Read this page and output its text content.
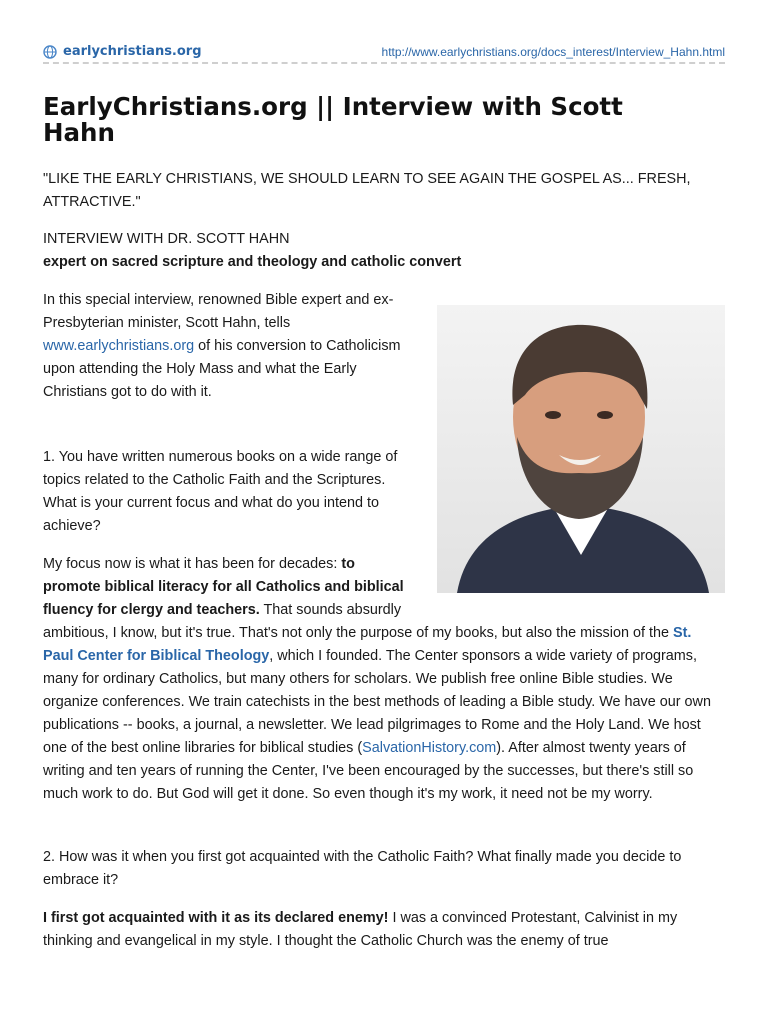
earlychristians.org	http://www.earlychristians.org/docs_interest/Interview_Hahn.html
EarlyChristians.org || Interview with Scott Hahn

"LIKE THE EARLY CHRISTIANS, WE SHOULD LEARN TO SEE AGAIN THE GOSPEL AS... FRESH, ATTRACTIVE."

INTERVIEW WITH DR. SCOTT HAHN
expert on sacred scripture and theology and catholic convert

In this special interview, renowned Bible expert and ex-Presbyterian minister, Scott Hahn, tells www.earlychristians.org of his conversion to Catholicism upon attending the Holy Mass and what the Early Christians got to do with it.

1. You have written numerous books on a wide range of topics related to the Catholic Faith and the Scriptures. What is your current focus and what do you intend to achieve?

My focus now is what it has been for decades: to promote biblical literacy for all Catholics and biblical fluency for clergy and teachers. That sounds absurdly ambitious, I know, but it's true. That's not only the purpose of my books, but also the mission of the St. Paul Center for Biblical Theology, which I founded. The Center sponsors a wide variety of programs, many for ordinary Catholics, but many others for scholars. We publish free online Bible studies. We organize conferences. We train catechists in the best methods of leading a Bible study. We have our own publications -- books, a journal, a newsletter. We lead pilgrimages to Rome and the Holy Land. We host one of the best online libraries for biblical studies (SalvationHistory.com). After almost twenty years of writing and ten years of running the Center, I've been encouraged by the successes, but there's still so much work to do. But God will get it done. So even though it's my work, it need not be my worry.

2. How was it when you first got acquainted with the Catholic Faith? What finally made you decide to embrace it?

I first got acquainted with it as its declared enemy! I was a convinced Protestant, Calvinist in my thinking and evangelical in my style. I thought the Catholic Church was the enemy of true
